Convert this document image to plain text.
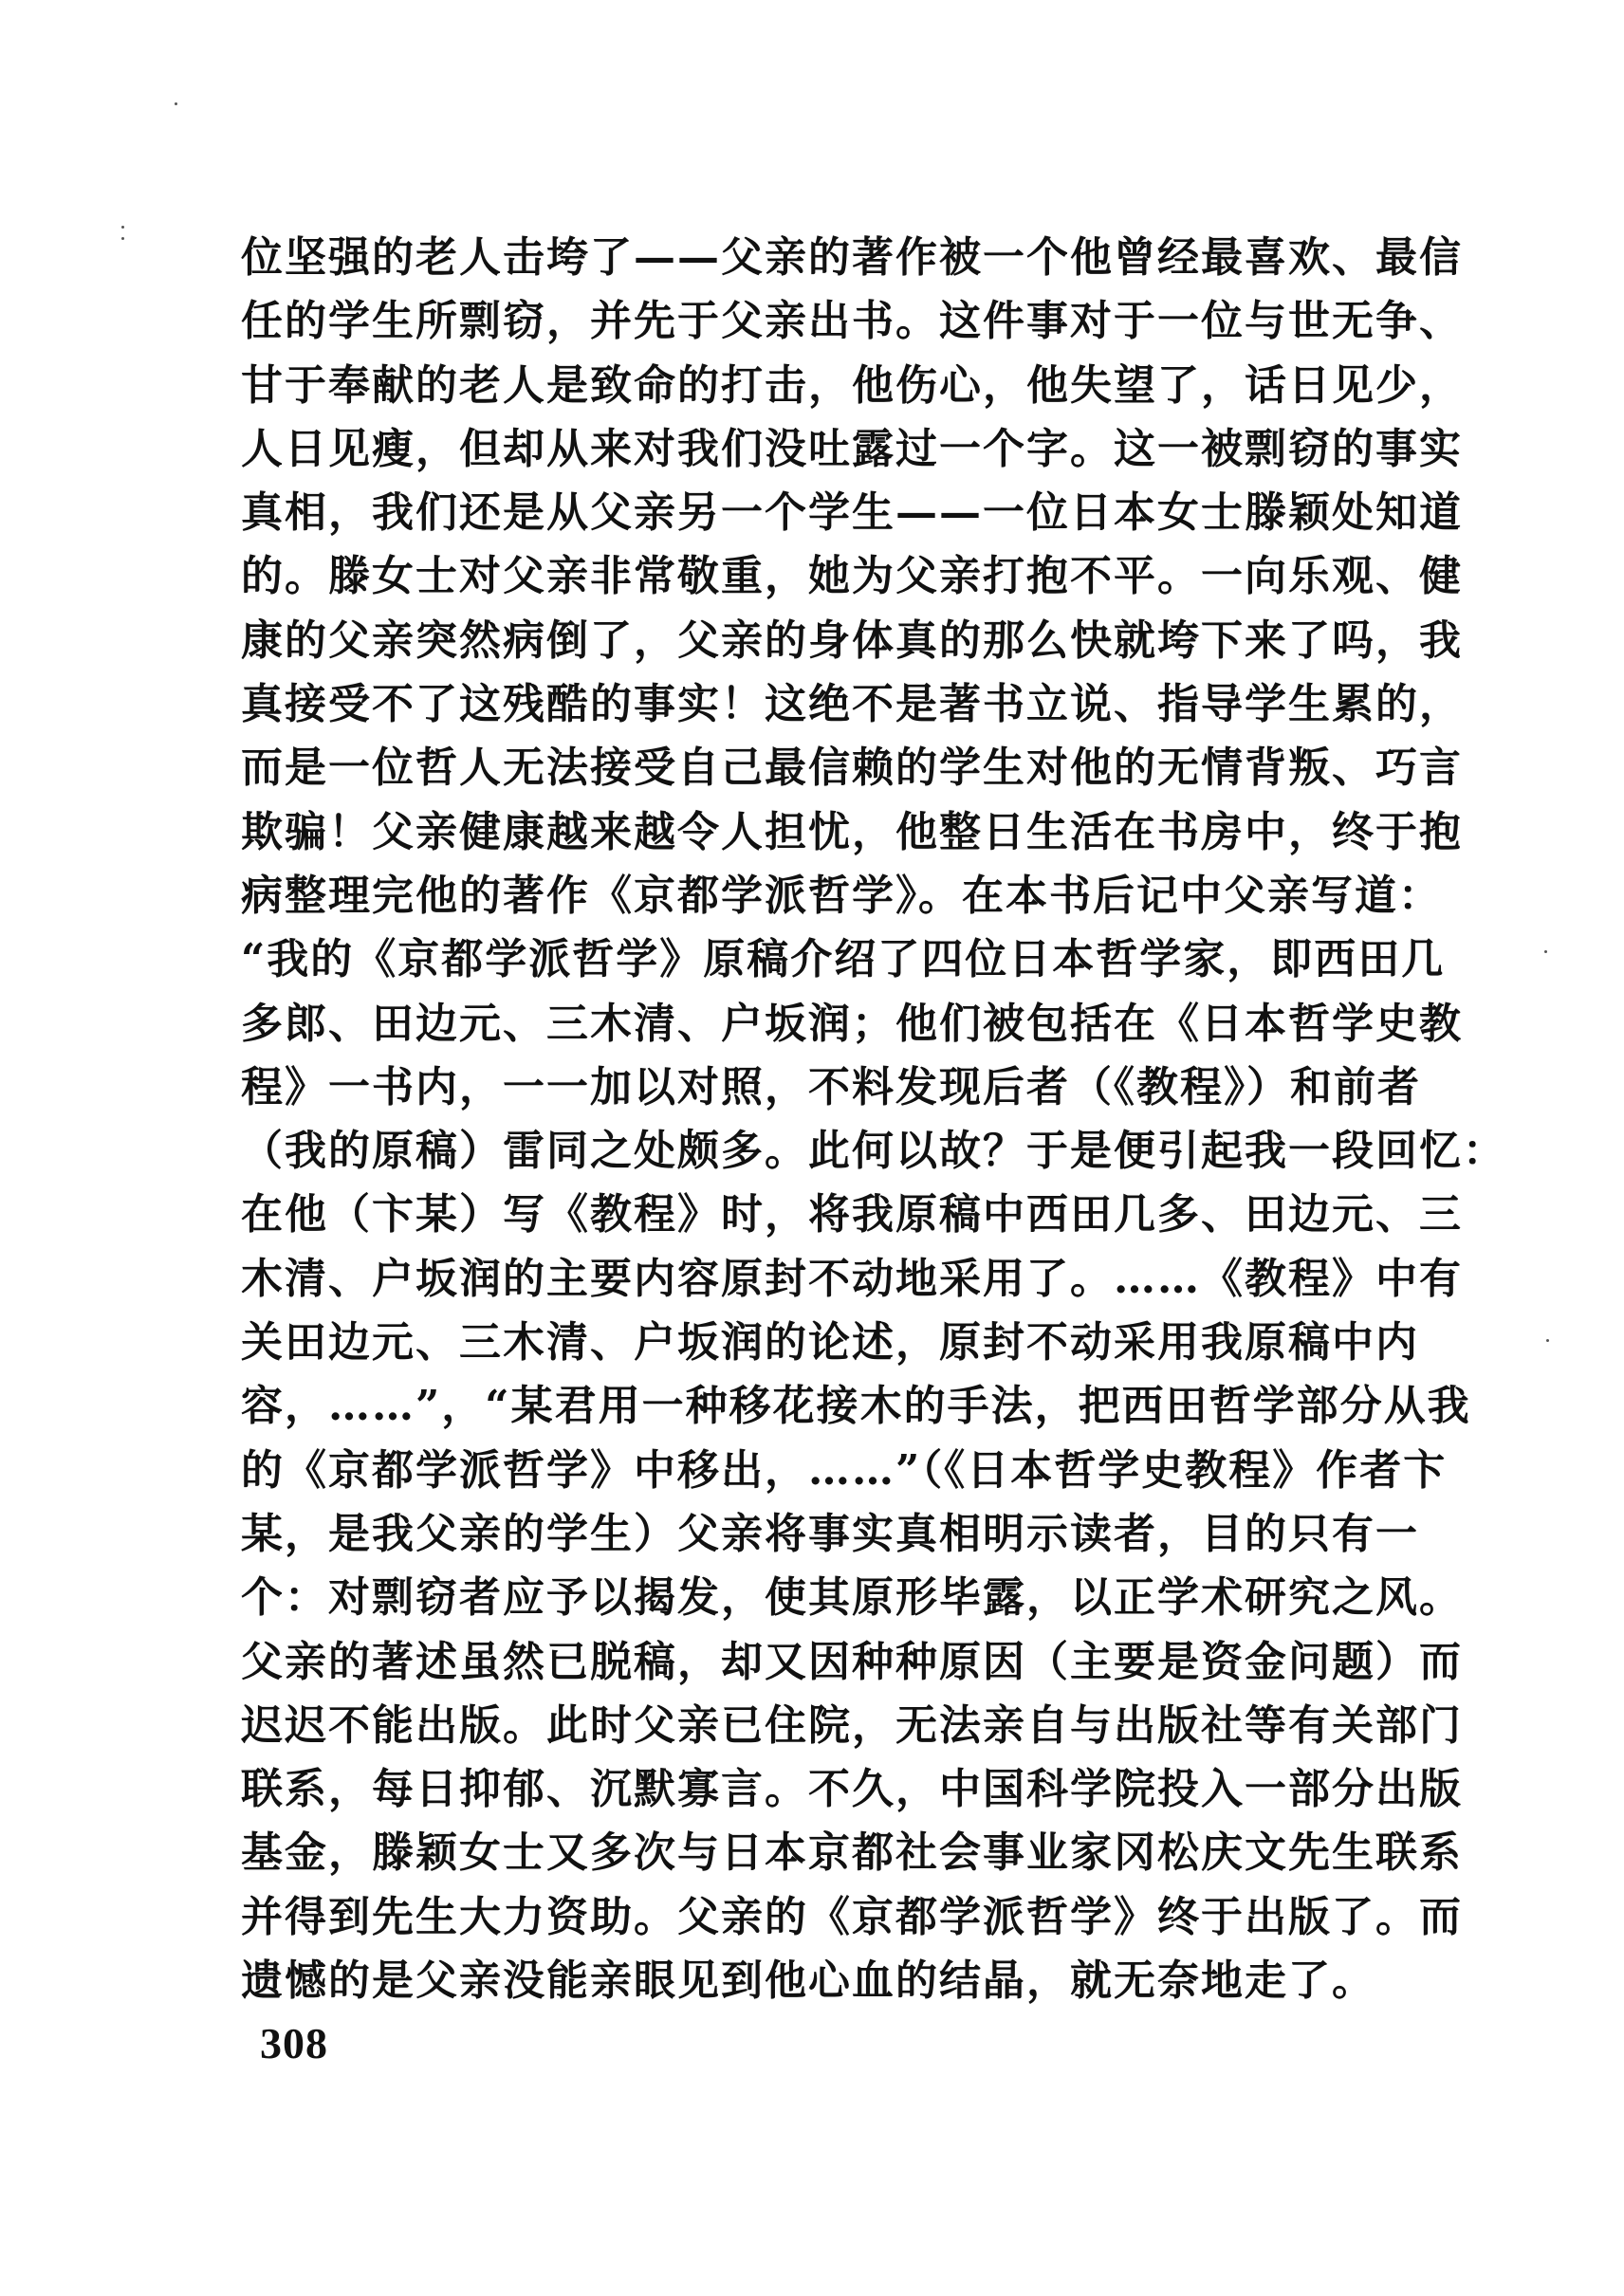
位坚强的老人击垮了——父亲的著作被一个他曾经最喜欢、最信
任的学生所剽窃，并先于父亲出书。这件事对于一位与世无争、
甘于奉献的老人是致命的打击，他伤心，他失望了，话日见少，
人日见瘦，但却从来对我们没吐露过一个字。这一被剽窃的事实
真相，我们还是从父亲另一个学生——一位日本女士滕颖处知道
的。滕女士对父亲非常敬重，她为父亲打抱不平。一向乐观、健
康的父亲突然病倒了，父亲的身体真的那么快就垮下来了吗，我
真接受不了这残酷的事实！这绝不是著书立说、指导学生累的，
而是一位哲人无法接受自己最信赖的学生对他的无情背叛、巧言
欺骗！父亲健康越来越令人担忧，他整日生活在书房中，终于抱
病整理完他的著作《京都学派哲学》。在本书后记中父亲写道：
“我的《京都学派哲学》原稿介绍了四位日本哲学家，即西田几
多郎、田边元、三木清、户坂润；他们被包括在《日本哲学史教
程》一书内，一一加以对照，不料发现后者（《教程》）和前者
（我的原稿）雷同之处颇多。此何以故？于是便引起我一段回忆：
在他（卞某）写《教程》时，将我原稿中西田几多、田边元、三
木清、户坂润的主要内容原封不动地采用了。……《教程》中有
关田边元、三木清、户坂润的论述，原封不动采用我原稿中内
容，……”，“某君用一种移花接木的手法，把西田哲学部分从我
的《京都学派哲学》中移出，……”（《日本哲学史教程》作者卞
某，是我父亲的学生）父亲将事实真相明示读者，目的只有一
个：对剽窃者应予以揭发，使其原形毕露，以正学术研究之风。
父亲的著述虽然已脱稿，却又因种种原因（主要是资金问题）而
迟迟不能出版。此时父亲已住院，无法亲自与出版社等有关部门
联系，每日抑郁、沉默寡言。不久，中国科学院投入一部分出版
基金，滕颖女士又多次与日本京都社会事业家冈松庆文先生联系
并得到先生大力资助。父亲的《京都学派哲学》终于出版了。而
遗憾的是父亲没能亲眼见到他心血的结晶，就无奈地走了。
308
